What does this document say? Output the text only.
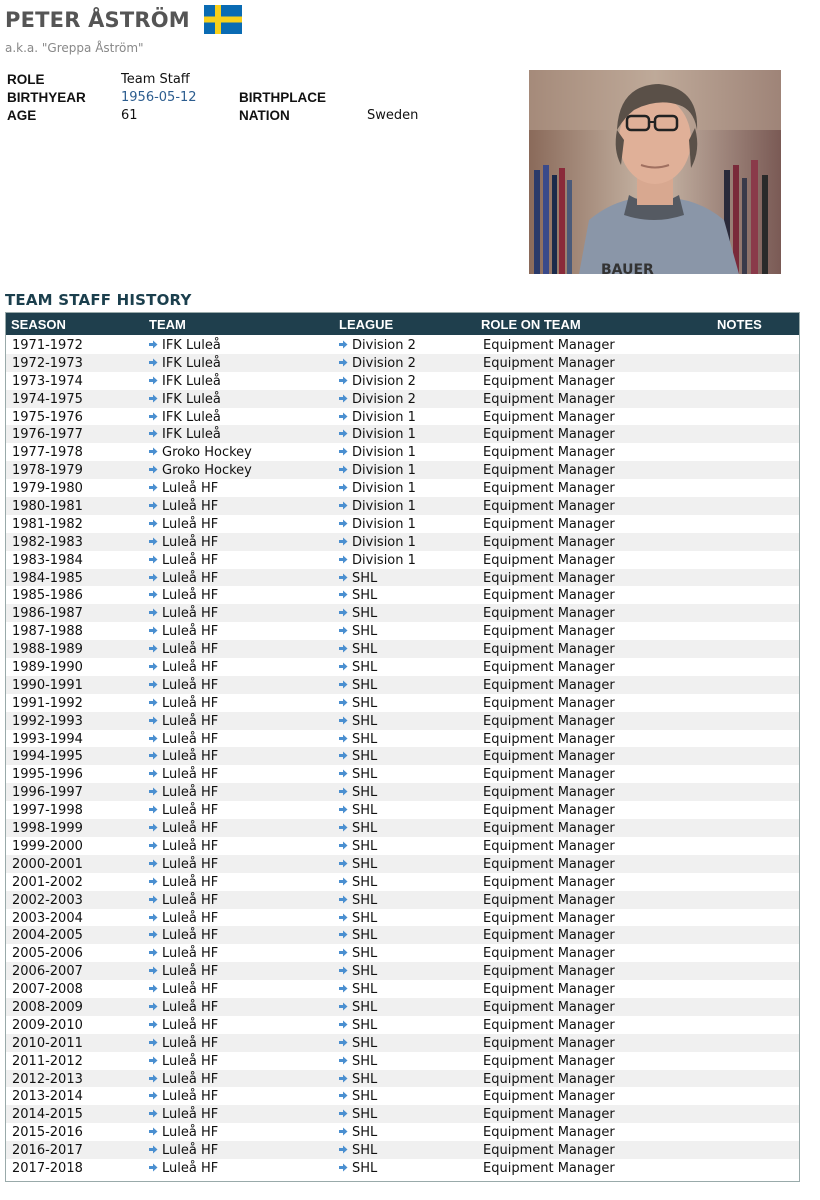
PETER ÅSTRÖM
a.k.a. "Greppa Åström"
ROLE	Team Staff
BIRTHYEAR	1956-05-12	BIRTHPLACE
AGE	61	NATION	Sweden
BAUER
TEAM STAFF HISTORY
SEASON	TEAM	LEAGUE	ROLE ON TEAM	NOTES
1971-1972	IFK Luleå	Division 2	Equipment Manager
1972-1973	IFK Luleå	Division 2	Equipment Manager
1973-1974	IFK Luleå	Division 2	Equipment Manager
1974-1975	IFK Luleå	Division 2	Equipment Manager
1975-1976	IFK Luleå	Division 1	Equipment Manager
1976-1977	IFK Luleå	Division 1	Equipment Manager
1977-1978	Groko Hockey	Division 1	Equipment Manager
1978-1979	Groko Hockey	Division 1	Equipment Manager
1979-1980	Luleå HF	Division 1	Equipment Manager
1980-1981	Luleå HF	Division 1	Equipment Manager
1981-1982	Luleå HF	Division 1	Equipment Manager
1982-1983	Luleå HF	Division 1	Equipment Manager
1983-1984	Luleå HF	Division 1	Equipment Manager
1984-1985	Luleå HF	SHL	Equipment Manager
1985-1986	Luleå HF	SHL	Equipment Manager
1986-1987	Luleå HF	SHL	Equipment Manager
1987-1988	Luleå HF	SHL	Equipment Manager
1988-1989	Luleå HF	SHL	Equipment Manager
1989-1990	Luleå HF	SHL	Equipment Manager
1990-1991	Luleå HF	SHL	Equipment Manager
1991-1992	Luleå HF	SHL	Equipment Manager
1992-1993	Luleå HF	SHL	Equipment Manager
1993-1994	Luleå HF	SHL	Equipment Manager
1994-1995	Luleå HF	SHL	Equipment Manager
1995-1996	Luleå HF	SHL	Equipment Manager
1996-1997	Luleå HF	SHL	Equipment Manager
1997-1998	Luleå HF	SHL	Equipment Manager
1998-1999	Luleå HF	SHL	Equipment Manager
1999-2000	Luleå HF	SHL	Equipment Manager
2000-2001	Luleå HF	SHL	Equipment Manager
2001-2002	Luleå HF	SHL	Equipment Manager
2002-2003	Luleå HF	SHL	Equipment Manager
2003-2004	Luleå HF	SHL	Equipment Manager
2004-2005	Luleå HF	SHL	Equipment Manager
2005-2006	Luleå HF	SHL	Equipment Manager
2006-2007	Luleå HF	SHL	Equipment Manager
2007-2008	Luleå HF	SHL	Equipment Manager
2008-2009	Luleå HF	SHL	Equipment Manager
2009-2010	Luleå HF	SHL	Equipment Manager
2010-2011	Luleå HF	SHL	Equipment Manager
2011-2012	Luleå HF	SHL	Equipment Manager
2012-2013	Luleå HF	SHL	Equipment Manager
2013-2014	Luleå HF	SHL	Equipment Manager
2014-2015	Luleå HF	SHL	Equipment Manager
2015-2016	Luleå HF	SHL	Equipment Manager
2016-2017	Luleå HF	SHL	Equipment Manager
2017-2018	Luleå HF	SHL	Equipment Manager
